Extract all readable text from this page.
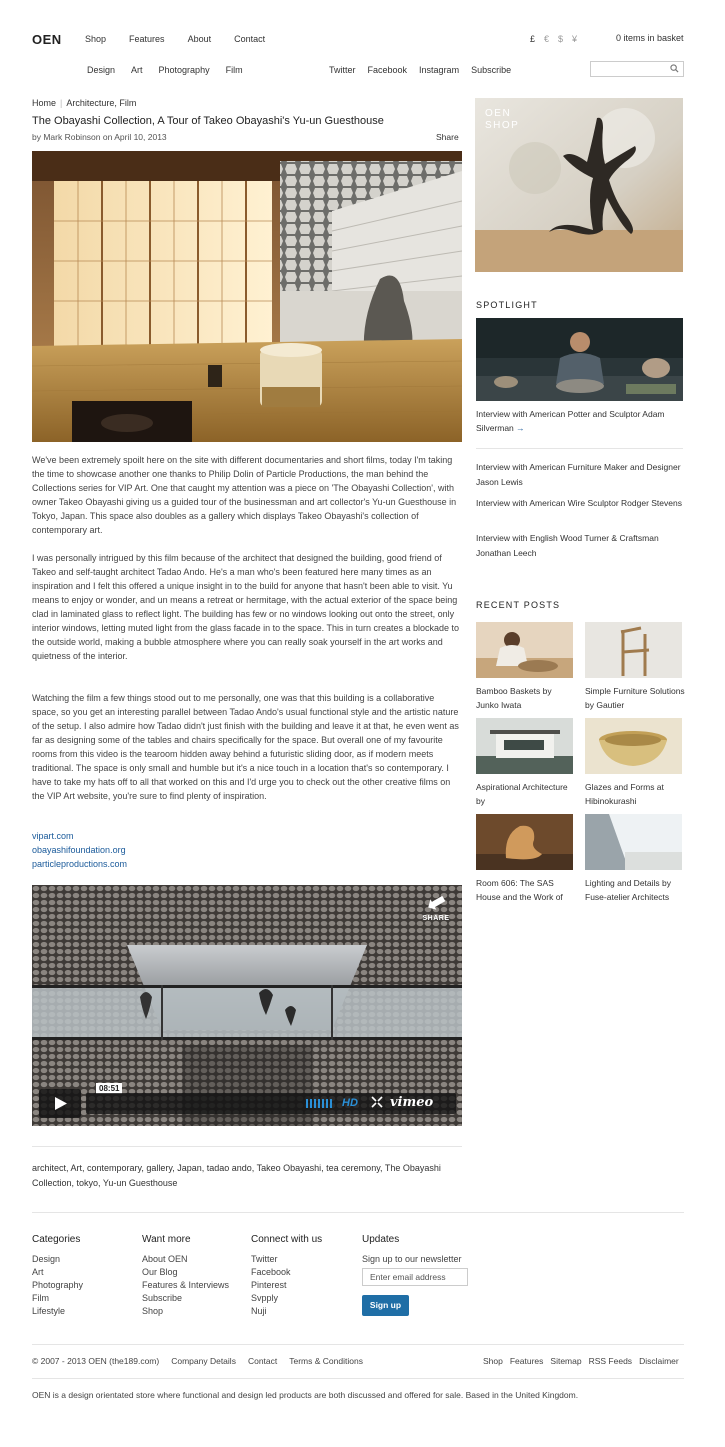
OEN	Shop	Features	About	Contact	£ € $ ¥	0 items in basket
Design Art Photography Film	Twitter Facebook Instagram Subscribe
Home | Architecture, Film
The Obayashi Collection, A Tour of Takeo Obayashi's Yu-un Guesthouse
by Mark Robinson on April 10, 2013	Share
We've been extremely spoilt here on the site with different documentaries and short films, today I'm taking the time to showcase another one thanks to Philip Dolin of Particle Productions, the man behind the Collections series for VIP Art. One that caught my attention was a piece on 'The Obayashi Collection', with owner Takeo Obayashi giving us a guided tour of the businessman and art collector's Yu-un Guesthouse in Tokyo, Japan. This space also doubles as a gallery which displays Takeo Obayashi's collection of contemporary art.
I was personally intrigued by this film because of the architect that designed the building, good friend of Takeo and self-taught architect Tadao Ando. He's a man who's been featured here many times as an inspiration and I felt this offered a unique insight in to the build for anyone that hasn't been able to visit. Yu means to enjoy or wonder, and un means a retreat or hermitage, with the actual exterior of the space being clad in laminated glass to reflect light. The building has few or no windows looking out onto the street, only interior windows, letting muted light from the glass facade in to the space. This in turn creates a blockade to the outside world, making a bubble atmosphere where you can really soak yourself in the art works and quietness of the interior.
Watching the film a few things stood out to me personally, one was that this building is a collaborative space, so you get an interesting parallel between Tadao Ando's usual functional style and the artistic nature of the setup. I also admire how Tadao didn't just finish with the building and leave it at that, he even went as far as designing some of the tables and chairs specifically for the space. But overall one of my favourite rooms from this video is the tearoom hidden away behind a futuristic sliding door, as if modern meets traditional. The space is only small and humble but it's a nice touch in a location that's so contemporary. I have to take my hats off to all that worked on this and I'd urge you to check out the other creative films on the VIP Art website, you're sure to find plenty of inspiration.
vipart.com
obayashifoundation.org
particleproductions.com
SHARE
08:51
HD vimeo
architect, Art, contemporary, gallery, Japan, tadao ando, Takeo Obayashi, tea ceremony, The Obayashi Collection, tokyo, Yu-un Guesthouse
OEN
SHOP
SPOTLIGHT
Interview with American Potter and Sculptor Adam Silverman →
Interview with American Furniture Maker and Designer Jason Lewis
Interview with American Wire Sculptor Rodger Stevens
Interview with English Wood Turner & Craftsman Jonathan Leech
RECENT POSTS
Bamboo Baskets by Junko Iwata
Simple Furniture Solutions by Gautier
Aspirational Architecture by
Glazes and Forms at Hibinokurashi
Room 606: The SAS House and the Work of
Lighting and Details by Fuse-atelier Architects
Categories
Design
Art
Photography
Film
Lifestyle
Want more
About OEN
Our Blog
Features & Interviews
Subscribe
Shop
Connect with us
Twitter
Facebook
Pinterest
Svpply
Nuji
Updates
Sign up to our newsletter
Enter email address
Sign up
© 2007 - 2013 OEN (the189.com) Company Details Contact Terms & Conditions	Shop Features Sitemap RSS Feeds Disclaimer
OEN is a design orientated store where functional and design led products are both discussed and offered for sale. Based in the United Kingdom.
